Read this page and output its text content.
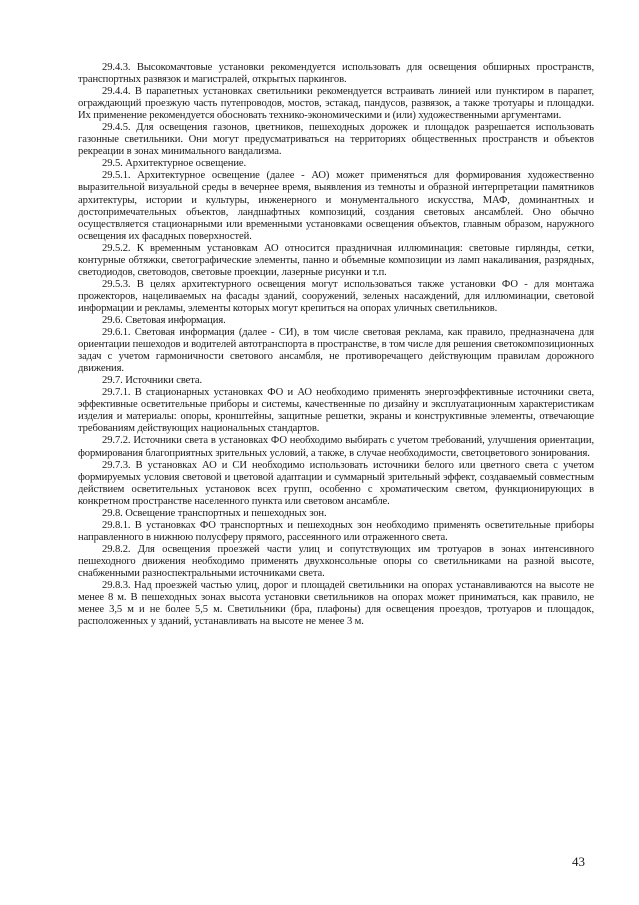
29.4.3. Высокомачтовые установки рекомендуется использовать для освещения обширных пространств, транспортных развязок и магистралей, открытых паркингов.

29.4.4. В парапетных установках светильники рекомендуется встраивать линией или пунктиром в парапет, ограждающий проезжую часть путепроводов, мостов, эстакад, пандусов, развязок, а также тротуары и площадки. Их применение рекомендуется обосновать технико-экономическими и (или) художественными аргументами.

29.4.5. Для освещения газонов, цветников, пешеходных дорожек и площадок разрешается использовать газонные светильники. Они могут предусматриваться на территориях общественных пространств и объектов рекреации в зонах минимального вандализма.

29.5. Архитектурное освещение.

29.5.1. Архитектурное освещение (далее - АО) может применяться для формирования художественно выразительной визуальной среды в вечернее время, выявления из темноты и образной интерпретации памятников архитектуры, истории и культуры, инженерного и монументального искусства, МАФ, доминантных и достопримечательных объектов, ландшафтных композиций, создания световых ансамблей. Оно обычно осуществляется стационарными или временными установками освещения объектов, главным образом, наружного освещения их фасадных поверхностей.

29.5.2. К временным установкам АО относится праздничная иллюминация: световые гирлянды, сетки, контурные обтяжки, светографические элементы, панно и объемные композиции из ламп накаливания, разрядных, светодиодов, световодов, световые проекции, лазерные рисунки и т.п.

29.5.3. В целях архитектурного освещения могут использоваться также установки ФО - для монтажа прожекторов, нацеливаемых на фасады зданий, сооружений, зеленых насаждений, для иллюминации, световой информации и рекламы, элементы которых могут крепиться на опорах уличных светильников.

29.6. Световая информация.

29.6.1. Световая информация (далее - СИ), в том числе световая реклама, как правило, предназначена для ориентации пешеходов и водителей автотранспорта в пространстве, в том числе для решения светокомпозиционных задач с учетом гармоничности светового ансамбля, не противоречащего действующим правилам дорожного движения.

29.7. Источники света.

29.7.1. В стационарных установках ФО и АО необходимо применять энергоэффективные источники света, эффективные осветительные приборы и системы, качественные по дизайну и эксплуатационным характеристикам изделия и материалы: опоры, кронштейны, защитные решетки, экраны и конструктивные элементы, отвечающие требованиям действующих национальных стандартов.

29.7.2. Источники света в установках ФО необходимо выбирать с учетом требований, улучшения ориентации, формирования благоприятных зрительных условий, а также, в случае необходимости, светоцветового зонирования.

29.7.3. В установках АО и СИ необходимо использовать источники белого или цветного света с учетом формируемых условия световой и цветовой адаптации и суммарный зрительный эффект, создаваемый совместным действием осветительных установок всех групп, особенно с хроматическим светом, функционирующих в конкретном пространстве населенного пункта или световом ансамбле.

29.8. Освещение транспортных и пешеходных зон.

29.8.1. В установках ФО транспортных и пешеходных зон необходимо применять осветительные приборы направленного в нижнюю полусферу прямого, рассеянного или отраженного света.

29.8.2. Для освещения проезжей части улиц и сопутствующих им тротуаров в зонах интенсивного пешеходного движения необходимо применять двухконсольные опоры со светильниками на разной высоте, снабженными разноспектральными источниками света.

29.8.3. Над проезжей частью улиц, дорог и площадей светильники на опорах устанавливаются на высоте не менее 8 м. В пешеходных зонах высота установки светильников на опорах может приниматься, как правило, не менее 3,5 м и не более 5,5 м. Светильники (бра, плафоны) для освещения проездов, тротуаров и площадок, расположенных у зданий, устанавливать на высоте не менее 3 м.

43
